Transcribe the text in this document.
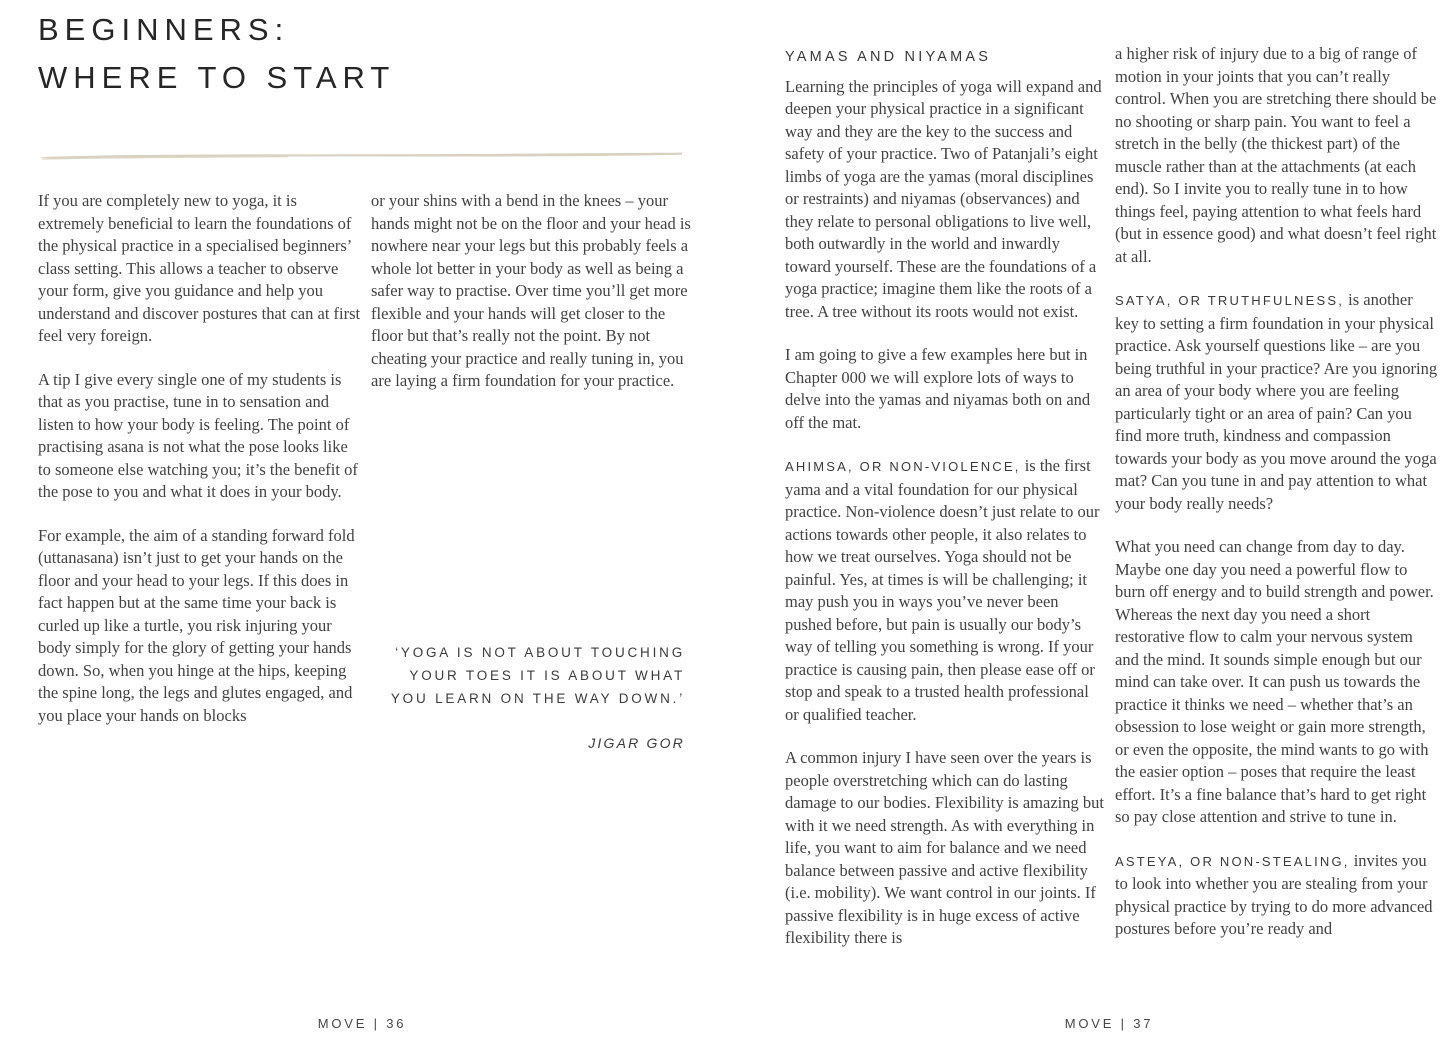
BEGINNERS:
WHERE TO START

If you are completely new to yoga, it is extremely beneficial to learn the foundations of the physical practice in a specialised beginners’ class setting. This allows a teacher to observe your form, give you guidance and help you understand and discover postures that can at first feel very foreign.

A tip I give every single one of my students is that as you practise, tune in to sensation and listen to how your body is feeling. The point of practising asana is not what the pose looks like to someone else watching you; it’s the benefit of the pose to you and what it does in your body.

For example, the aim of a standing forward fold (uttanasana) isn’t just to get your hands on the floor and your head to your legs. If this does in fact happen but at the same time your back is curled up like a turtle, you risk injuring your body simply for the glory of getting your hands down. So, when you hinge at the hips, keeping the spine long, the legs and glutes engaged, and you place your hands on blocks

or your shins with a bend in the knees – your hands might not be on the floor and your head is nowhere near your legs but this probably feels a whole lot better in your body as well as being a safer way to practise. Over time you’ll get more flexible and your hands will get closer to the floor but that’s really not the point. By not cheating your practice and really tuning in, you are laying a firm foundation for your practice.

‘YOGA IS NOT ABOUT TOUCHING
YOUR TOES IT IS ABOUT WHAT
YOU LEARN ON THE WAY DOWN.’
JIGAR GOR
YAMAS AND NIYAMAS

Learning the principles of yoga will expand and deepen your physical practice in a significant way and they are the key to the success and safety of your practice. Two of Patanjali’s eight limbs of yoga are the yamas (moral disciplines or restraints) and niyamas (observances) and they relate to personal obligations to live well, both outwardly in the world and inwardly toward yourself. These are the foundations of a yoga practice; imagine them like the roots of a tree. A tree without its roots would not exist.

I am going to give a few examples here but in Chapter 000 we will explore lots of ways to delve into the yamas and niyamas both on and off the mat.

AHIMSA, OR NON-VIOLENCE, is the first yama and a vital foundation for our physical practice. Non-violence doesn’t just relate to our actions towards other people, it also relates to how we treat ourselves. Yoga should not be painful. Yes, at times is will be challenging; it may push you in ways you’ve never been pushed before, but pain is usually our body’s way of telling you something is wrong. If your practice is causing pain, then please ease off or stop and speak to a trusted health professional or qualified teacher.

A common injury I have seen over the years is people overstretching which can do lasting damage to our bodies. Flexibility is amazing but with it we need strength. As with everything in life, you want to aim for balance and we need balance between passive and active flexibility (i.e. mobility). We want control in our joints. If passive flexibility is in huge excess of active flexibility there is

a higher risk of injury due to a big of range of motion in your joints that you can’t really control. When you are stretching there should be no shooting or sharp pain. You want to feel a stretch in the belly (the thickest part) of the muscle rather than at the attachments (at each end). So I invite you to really tune in to how things feel, paying attention to what feels hard (but in essence good) and what doesn’t feel right at all.

SATYA, OR TRUTHFULNESS, is another key to setting a firm foundation in your physical practice. Ask yourself questions like – are you being truthful in your practice? Are you ignoring an area of your body where you are feeling particularly tight or an area of pain? Can you find more truth, kindness and compassion towards your body as you move around the yoga mat? Can you tune in and pay attention to what your body really needs?

What you need can change from day to day. Maybe one day you need a powerful flow to burn off energy and to build strength and power. Whereas the next day you need a short restorative flow to calm your nervous system and the mind. It sounds simple enough but our mind can take over. It can push us towards the practice it thinks we need – whether that’s an obsession to lose weight or gain more strength, or even the opposite, the mind wants to go with the easier option – poses that require the least effort. It’s a fine balance that’s hard to get right so pay close attention and strive to tune in.

ASTEYA, OR NON-STEALING, invites you to look into whether you are stealing from your physical practice by trying to do more advanced postures before you’re ready and

MOVE | 36	MOVE | 37
